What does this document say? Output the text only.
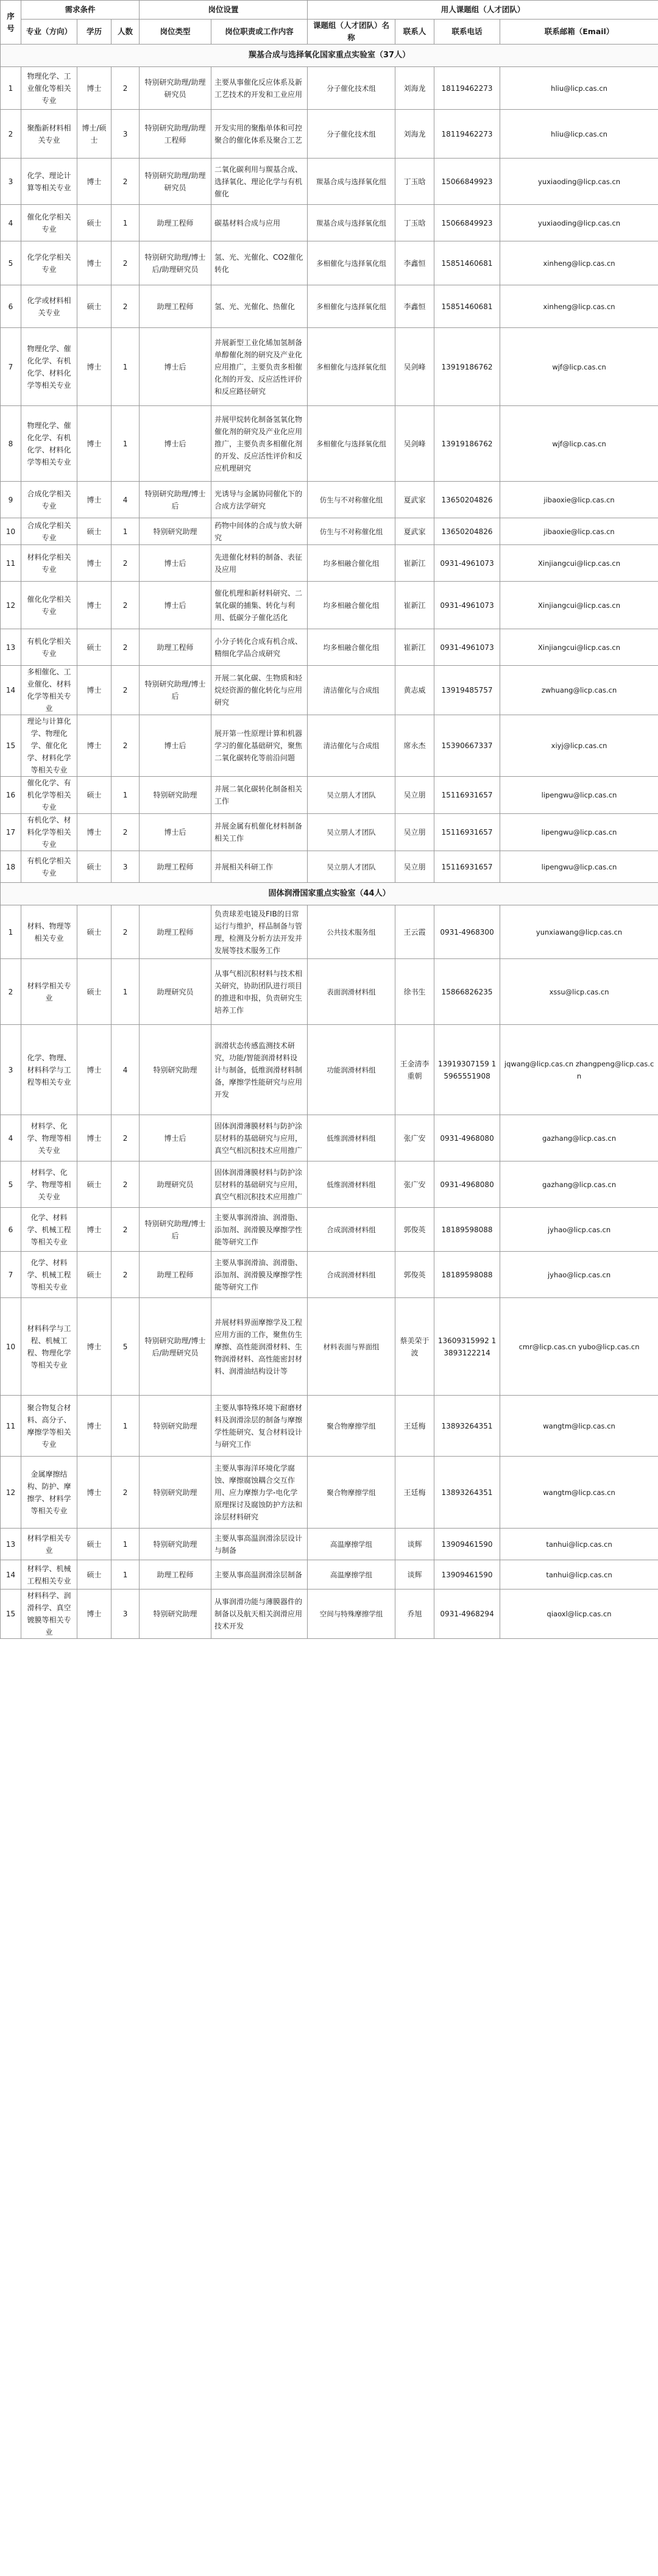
序号	需求条件			岗位设置		用人课题组（人才团队）			
	专业（方向）	学历	人数	岗位类型	岗位职责或工作内容	课题组（人才团队）名称	联系人	联系电话	联系邮箱（Email）
羰基合成与选择氧化国家重点实验室（37人）									
1	物理化学、工业催化等相关专业	博士	2	特别研究助理/助理研究员	主要从事催化反应体系及新工艺技术的开发和工业应用	分子催化技术组	刘海龙	18119462273	hliu@licp.cas.cn
2	聚酯新材料相关专业	博士/硕士	3	特别研究助理/助理工程师	开发实用的聚酯单体和可控聚合的催化体系及聚合工艺	分子催化技术组	刘海龙	18119462273	hliu@licp.cas.cn
3	化学、理论计算等相关专业	博士	2	特别研究助理/助理研究员	二氧化碳利用与羰基合成、选择氧化、理论化学与有机催化	羰基合成与选择氧化组	丁玉晗	15066849923	yuxiaoding@licp.cas.cn
4	催化化学相关专业	硕士	1	助理工程师	碳基材料合成与应用	羰基合成与选择氧化组	丁玉晗	15066849923	yuxiaoding@licp.cas.cn
5	化学化学相关专业	博士	2	特别研究助理/博士后/助理研究员	氢、光、光催化、CO2催化转化	多相催化与选择氧化组	李鑫恒	15851460681	xinheng@licp.cas.cn
6	化学或材料相关专业	硕士	2	助理工程师	氢、光、光催化、热催化	多相催化与选择氧化组	李鑫恒	15851460681	xinheng@licp.cas.cn
7	物理化学、催化化学、有机化学、材料化学等相关专业	博士	1	博士后	并展新型工业化烯加氢制备单醇催化剂的研究及产业化应用推广，主要负责多相催化剂的开发、反应活性评价和反应路径研究	多相催化与选择氧化组	吴剑峰	13919186762	wjf@licp.cas.cn
8	物理化学、催化化学、有机化学、材料化学等相关专业	博士	1	博士后	并展甲烷转化制备氢氧化物催化剂的研究及产业化应用推广，主要负责多相催化剂的开发、反应活性评价和反应机理研究	多相催化与选择氧化组	吴剑峰	13919186762	wjf@licp.cas.cn
9	合成化学相关专业	博士	4	特别研究助理/博士后	光诱导与金属协同催化下的合成方法学研究	仿生与不对称催化组	夏武家	13650204826	jibaoxie@licp.cas.cn
10	合成化学相关专业	硕士	1	特别研究助理	药物中间体的合成与放大研究	仿生与不对称催化组	夏武家	13650204826	jibaoxie@licp.cas.cn
11	材料化学相关专业	博士	2	博士后	先进催化材料的制备、表征及应用	均多相融合催化组	崔新江	0931-4961073	Xinjiangcui@licp.cas.cn
12	催化化学相关专业	博士	2	博士后	催化机理和新材料研究、二氧化碳的捕集、转化与利用、低碳分子催化活化	均多相融合催化组	崔新江	0931-4961073	Xinjiangcui@licp.cas.cn
13	有机化学相关专业	硕士	2	助理工程师	小分子转化合成有机合成、精细化学品合成研究	均多相融合催化组	崔新江	0931-4961073	Xinjiangcui@licp.cas.cn
14	多相催化、工业催化、材料化学等相关专业	博士	2	特别研究助理/博士后	开展二氧化碳、生物质和轻烷烃资源的催化转化与应用研究	清洁催化与合成组	黄志威	13919485757	zwhuang@licp.cas.cn
15	理论与计算化学、物理化学、催化化学、材料化学等相关专业	博士	2	博士后	展开第一性原理计算和机器学习的催化基础研究，聚焦二氧化碳转化等前沿问题	清洁催化与合成组	席永杰	15390667337	xiyj@licp.cas.cn
16	催化化学、有机化学等相关专业	硕士	1	特别研究助理	并展二氧化碳转化制备相关工作	吴立朋人才团队	吴立朋	15116931657	lipengwu@licp.cas.cn
17	有机化学、材料化学等相关专业	博士	2	博士后	并展金属有机催化材料制备相关工作	吴立朋人才团队	吴立朋	15116931657	lipengwu@licp.cas.cn
18	有机化学相关专业	硕士	3	助理工程师	并展相关科研工作	吴立朋人才团队	吴立朋	15116931657	lipengwu@licp.cas.cn
固体润滑国家重点实验室（44人）									
1	材料、物理等相关专业	硕士	2	助理工程师	负责球差电镜及FIB的日常运行与维护，样品制备与管理，检测及分析方法开发并发展等技术服务工作	公共技术服务组	王云霞	0931-4968300	yunxiawang@licp.cas.cn
2	材料学相关专业	硕士	1	助理研究员	从事气相沉积材料与技术相关研究，协助团队进行项目的推进和申报，负责研究生培养工作	表面润滑材料组	徐书生	15866826235	xssu@licp.cas.cn
3	化学、物理、材料科学与工程等相关专业	博士	4	特别研究助理	润滑状态传感监测技术研究，功能/智能润滑材料设计与制备，低维润滑材料制备，摩擦学性能研究与应用开发	功能润滑材料组	王金清李重朝	13919307159 15965551908	jqwang@licp.cas.cn zhangpeng@licp.cas.cn
4	材料学、化学、物理等相关专业	博士	2	博士后	固体润滑薄膜材料与防护涂层材料的基础研究与应用，真空气相沉积技术应用推广	低维润滑材料组	张广安	0931-4968080	gazhang@licp.cas.cn
5	材料学、化学、物理等相关专业	硕士	2	助理研究员	固体润滑薄膜材料与防护涂层材料的基础研究与应用，真空气相沉积技术应用推广	低维润滑材料组	张广安	0931-4968080	gazhang@licp.cas.cn
6	化学、材料学、机械工程等相关专业	博士	2	特别研究助理/博士后	主要从事润滑油、润滑脂、添加剂、润滑膜及摩擦学性能等研究工作	合成润滑材料组	郭俊英	18189598088	jyhao@licp.cas.cn
7	化学、材料学、机械工程等相关专业	硕士	2	助理工程师	主要从事润滑油、润滑脂、添加剂、润滑膜及摩擦学性能等研究工作	合成润滑材料组	郭俊英	18189598088	jyhao@licp.cas.cn
10	材料科学与工程、机械工程、物理化学等相关专业	博士	5	特别研究助理/博士后/助理研究员	并展材料界面摩擦学及工程应用方面的工作，聚焦仿生摩擦、高性能润滑材料、生物润滑材料、高性能密封材料、润滑油结构设计等	材料表面与界面组	蔡美荣于波	13609315992 13893122214	cmr@licp.cas.cn yubo@licp.cas.cn
11	聚合物复合材料、高分子、摩擦学等相关专业	博士	1	特别研究助理	主要从事特殊环境下耐磨材料及润滑涂层的制备与摩擦学性能研究、复合材料设计与研究工作	聚合物摩擦学组	王廷梅	13893264351	wangtm@licp.cas.cn
12	金属摩擦结构、防护、摩擦学、材料学等相关专业	博士	2	特别研究助理	主要从事海洋环境化学腐蚀、摩擦腐蚀耦合交互作用、应力摩擦力学-电化学原理探讨及腐蚀防护方法和涂层材料研究	聚合物摩擦学组	王廷梅	13893264351	wangtm@licp.cas.cn
13	材料学相关专业	硕士	1	特别研究助理	主要从事高温润滑涂层设计与制备	高温摩擦学组	谈辉	13909461590	tanhui@licp.cas.cn
14	材料学、机械工程相关专业	硕士	1	助理工程师	主要从事高温润滑涂层制备	高温摩擦学组	谈辉	13909461590	tanhui@licp.cas.cn
15	材料科学、润滑科学、真空镀膜等相关专业	博士	3	特别研究助理	从事润滑功能与薄膜器件的制备以及航天相关润滑应用技术开发	空间与特殊摩擦学组	乔旭	0931-4968294	qiaoxl@licp.cas.cn
